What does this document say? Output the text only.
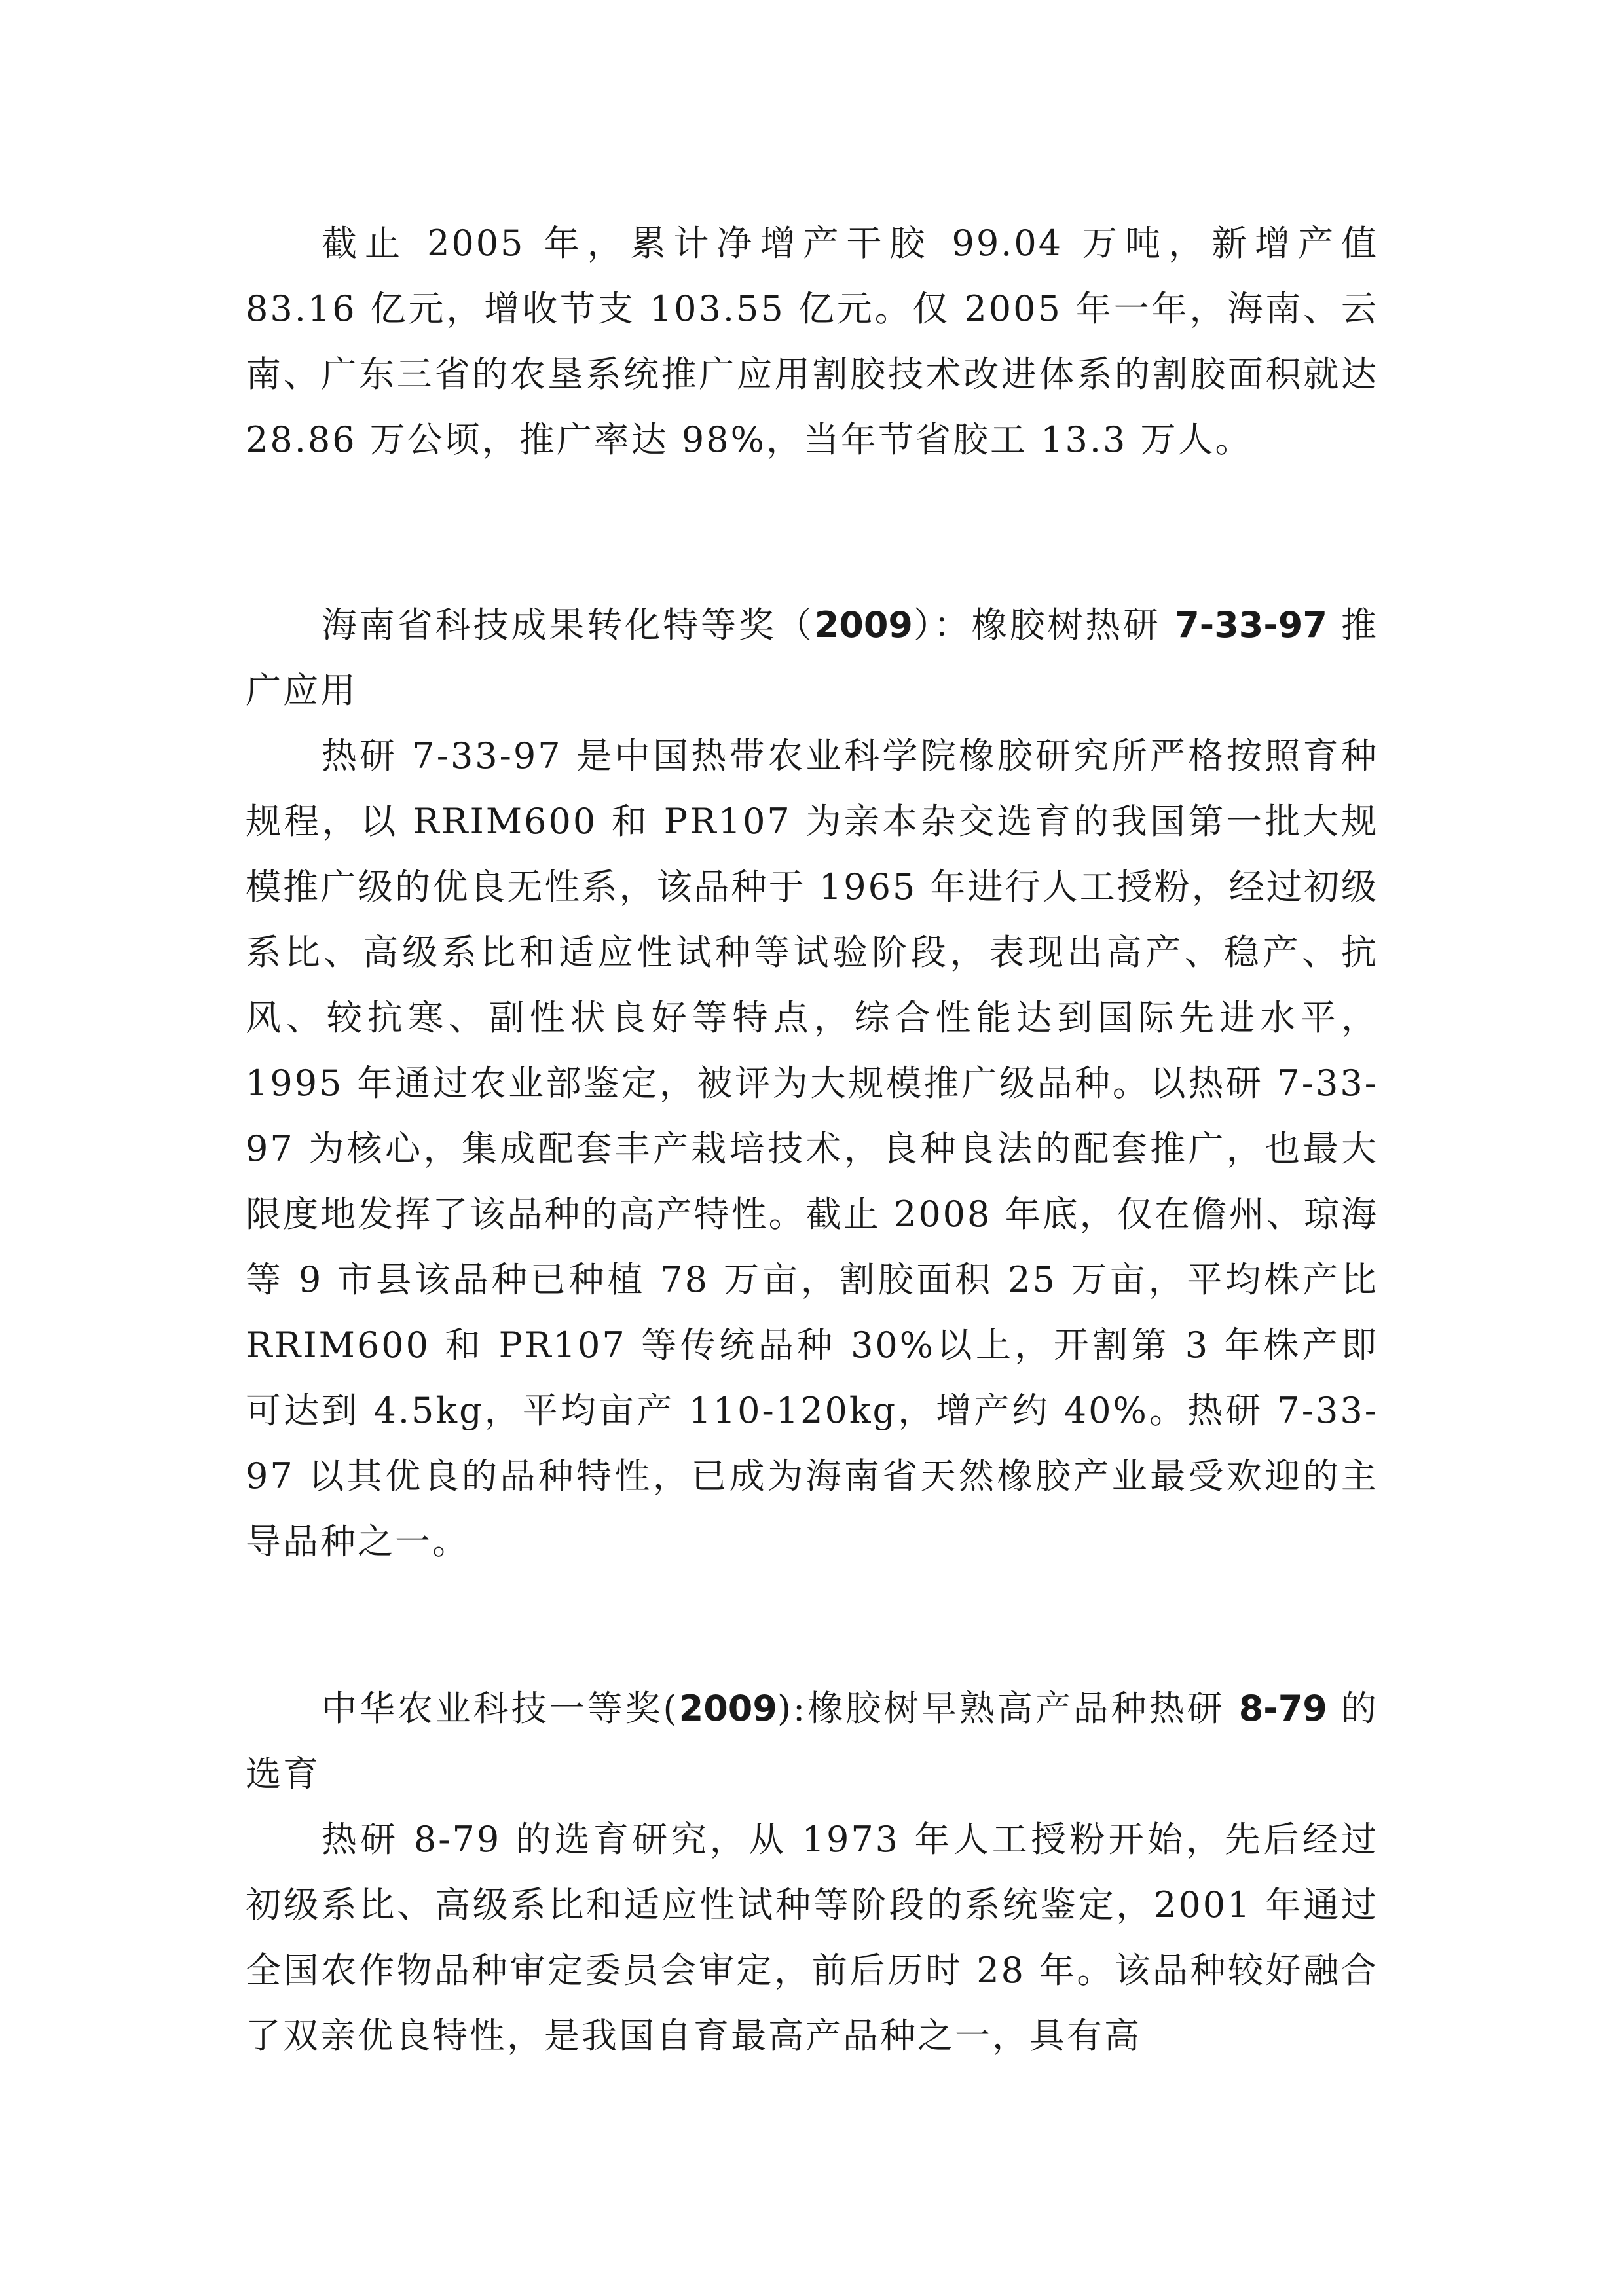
截止 2005 年，累计净增产干胶 99.04 万吨，新增产值 83.16 亿元，增收节支 103.55 亿元。仅 2005 年一年，海南、云南、广东三省的农垦系统推广应用割胶技术改进体系的割胶面积就达 28.86 万公顷，推广率达 98%，当年节省胶工 13.3 万人。

海南省科技成果转化特等奖（2009）：橡胶树热研 7-33-97 推广应用

热研 7-33-97 是中国热带农业科学院橡胶研究所严格按照育种规程，以 RRIM600 和 PR107 为亲本杂交选育的我国第一批大规模推广级的优良无性系，该品种于 1965 年进行人工授粉，经过初级系比、高级系比和适应性试种等试验阶段，表现出高产、稳产、抗风、较抗寒、副性状良好等特点，综合性能达到国际先进水平，1995 年通过农业部鉴定，被评为大规模推广级品种。以热研 7-33-97 为核心，集成配套丰产栽培技术，良种良法的配套推广，也最大限度地发挥了该品种的高产特性。截止 2008 年底，仅在儋州、琼海等 9 市县该品种已种植 78 万亩，割胶面积 25 万亩，平均株产比 RRIM600 和 PR107 等传统品种 30%以上，开割第 3 年株产即可达到 4.5kg，平均亩产 110-120kg，增产约 40%。热研 7-33-97 以其优良的品种特性，已成为海南省天然橡胶产业最受欢迎的主导品种之一。

中华农业科技一等奖(2009):橡胶树早熟高产品种热研 8-79 的选育

热研 8-79 的选育研究，从 1973 年人工授粉开始，先后经过初级系比、高级系比和适应性试种等阶段的系统鉴定，2001 年通过全国农作物品种审定委员会审定，前后历时 28 年。该品种较好融合了双亲优良特性，是我国自育最高产品种之一，具有高
